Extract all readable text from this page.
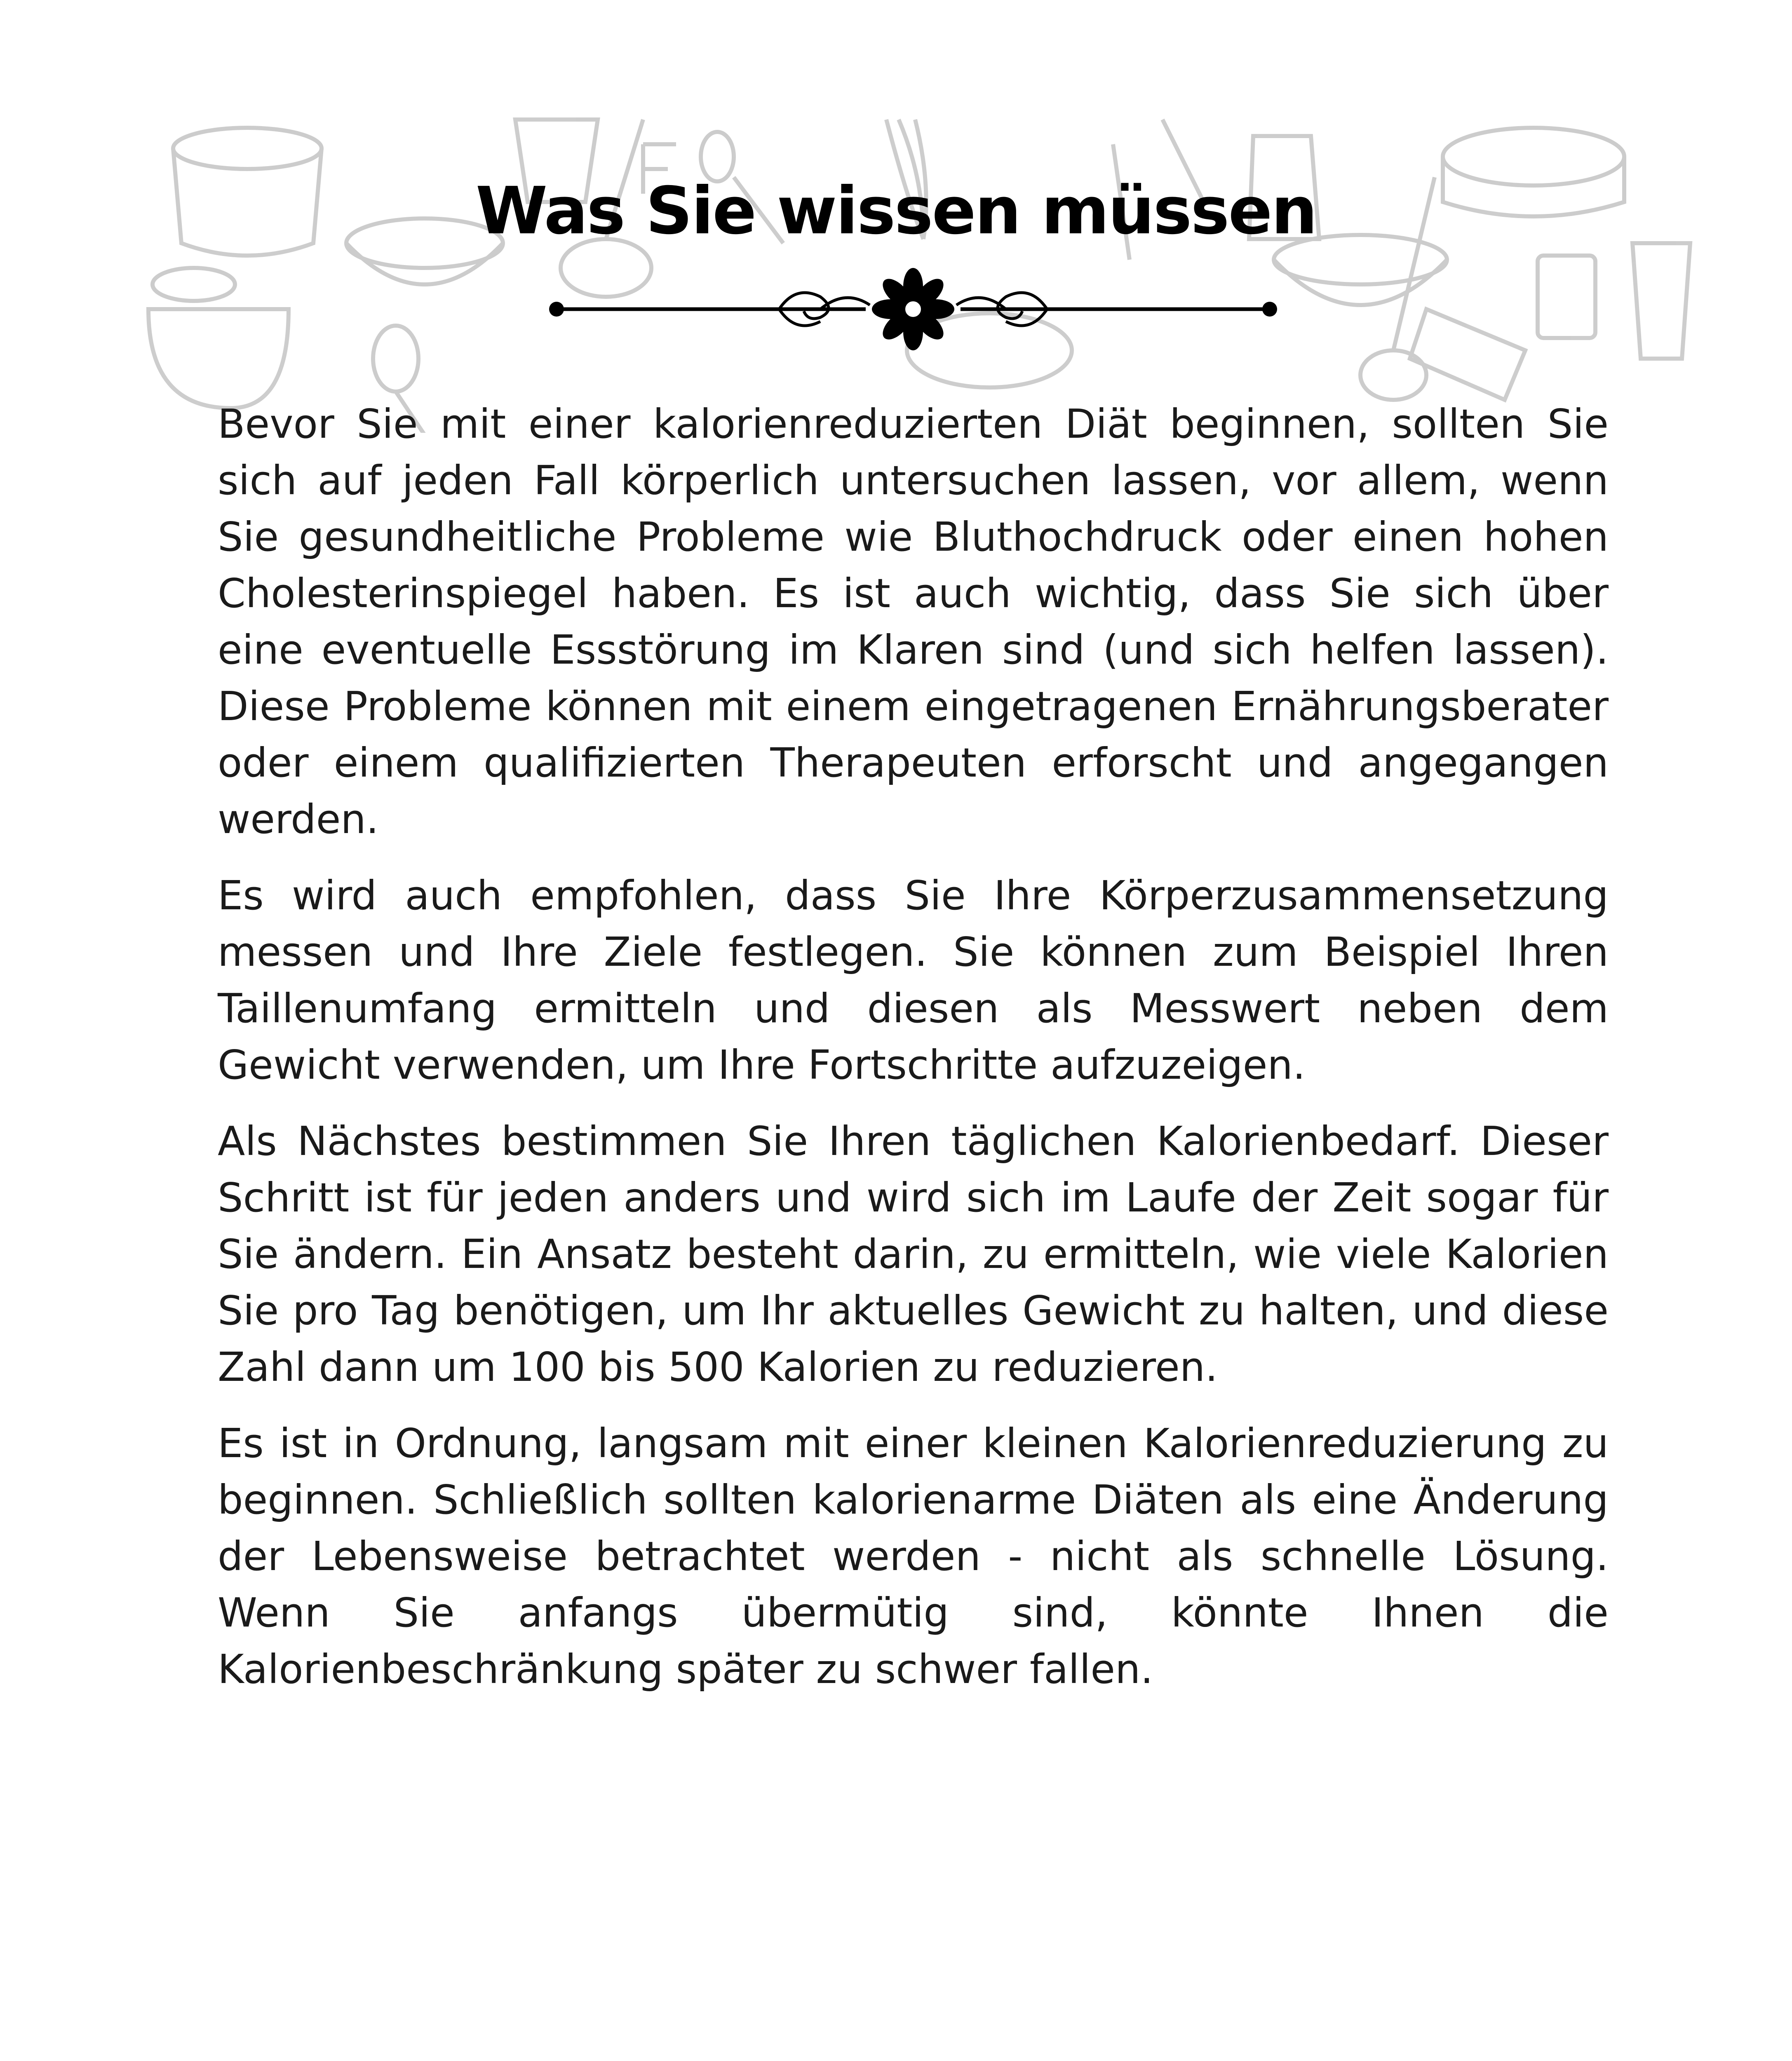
Was Sie wissen müssen

Bevor Sie mit einer kalorienreduzierten Diät beginnen, sollten Sie sich auf jeden Fall körperlich untersuchen lassen, vor allem, wenn Sie gesundheitliche Probleme wie Bluthochdruck oder einen hohen Cholesterinspiegel haben. Es ist auch wichtig, dass Sie sich über eine eventuelle Essstörung im Klaren sind (und sich helfen lassen). Diese Probleme können mit einem eingetragenen Ernährungsberater oder einem qualifizierten Therapeuten erforscht und angegangen werden.

Es wird auch empfohlen, dass Sie Ihre Körperzusammensetzung messen und Ihre Ziele festlegen. Sie können zum Beispiel Ihren Taillenumfang ermitteln und diesen als Messwert neben dem Gewicht verwenden, um Ihre Fortschritte aufzuzeigen.

Als Nächstes bestimmen Sie Ihren täglichen Kalorienbedarf. Dieser Schritt ist für jeden anders und wird sich im Laufe der Zeit sogar für Sie ändern. Ein Ansatz besteht darin, zu ermitteln, wie viele Kalorien Sie pro Tag benötigen, um Ihr aktuelles Gewicht zu halten, und diese Zahl dann um 100 bis 500 Kalorien zu reduzieren.

Es ist in Ordnung, langsam mit einer kleinen Kalorienreduzierung zu beginnen. Schließlich sollten kalorienarme Diäten als eine Änderung der Lebensweise betrachtet werden - nicht als schnelle Lösung. Wenn Sie anfangs übermütig sind, könnte Ihnen die Kalorienbeschränkung später zu schwer fallen.
